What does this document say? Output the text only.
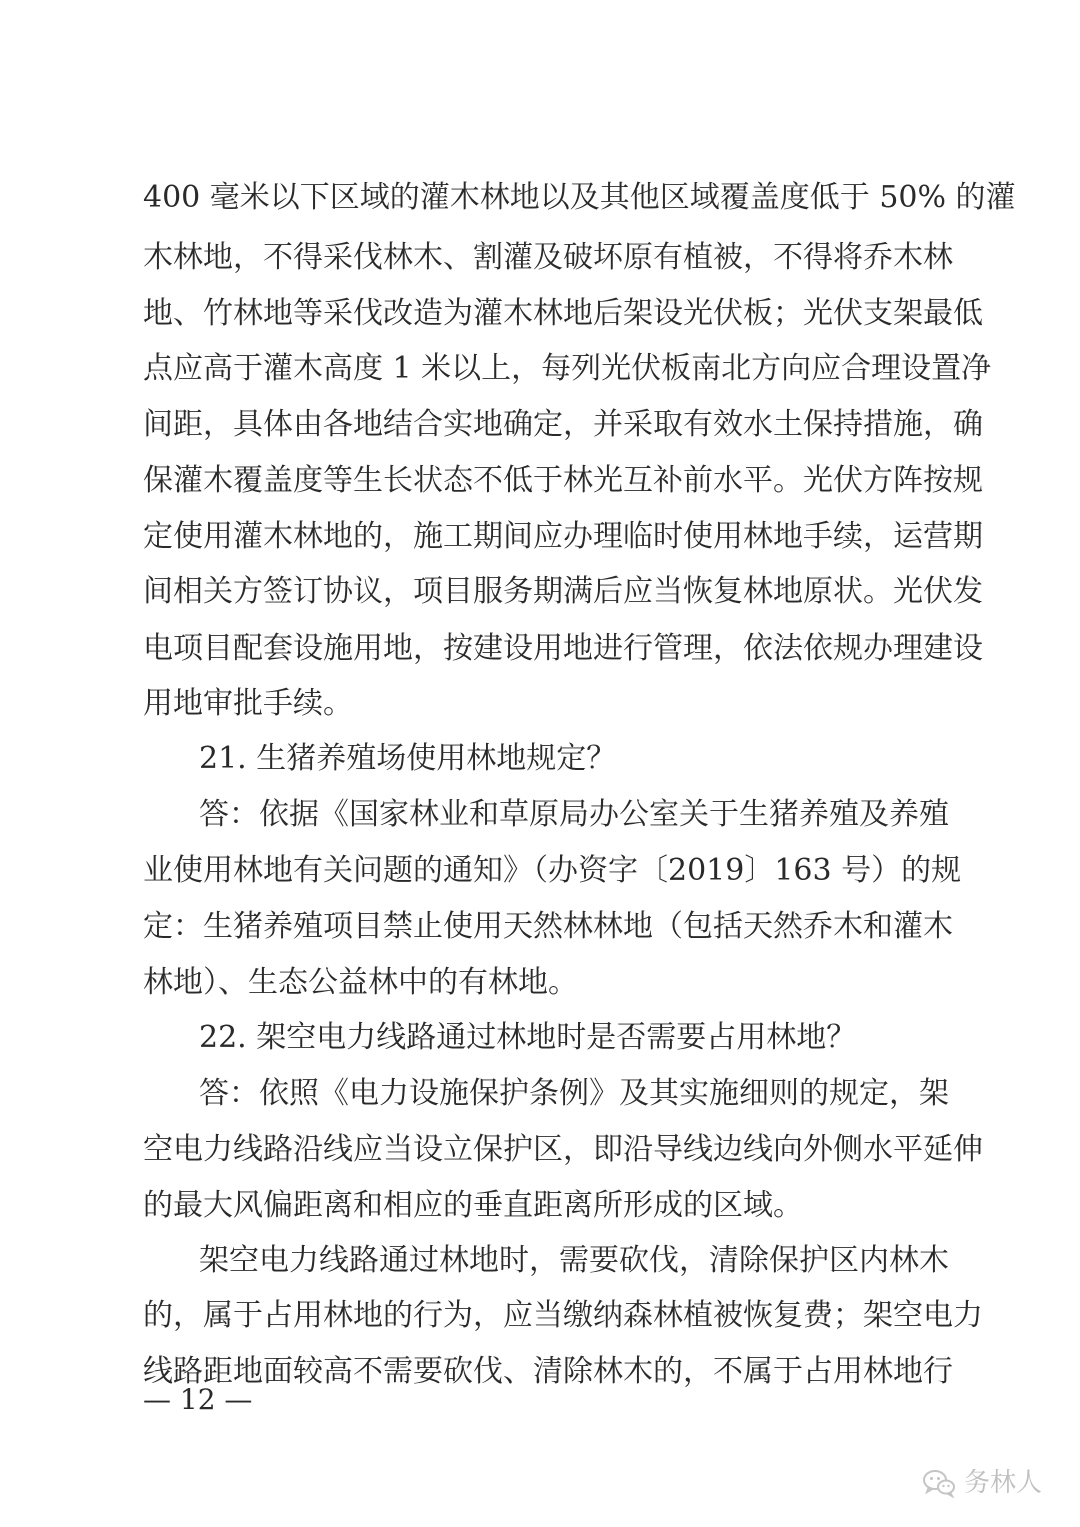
400 毫米以下区域的灌木林地以及其他区域覆盖度低于 50% 的灌

木林地，不得采伐林木、割灌及破坏原有植被，不得将乔木林

地、竹林地等采伐改造为灌木林地后架设光伏板；光伏支架最低

点应高于灌木高度 1 米以上，每列光伏板南北方向应合理设置净

间距，具体由各地结合实地确定，并采取有效水土保持措施，确

保灌木覆盖度等生长状态不低于林光互补前水平。光伏方阵按规

定使用灌木林地的，施工期间应办理临时使用林地手续，运营期

间相关方签订协议，项目服务期满后应当恢复林地原状。光伏发

电项目配套设施用地，按建设用地进行管理，依法依规办理建设

用地审批手续。

21. 生猪养殖场使用林地规定？

答：依据《国家林业和草原局办公室关于生猪养殖及养殖

业使用林地有关问题的通知》（办资字〔2019〕163 号）的规

定：生猪养殖项目禁止使用天然林林地（包括天然乔木和灌木

林地）、生态公益林中的有林地。

22. 架空电力线路通过林地时是否需要占用林地？

答：依照《电力设施保护条例》及其实施细则的规定，架

空电力线路沿线应当设立保护区，即沿导线边线向外侧水平延伸

的最大风偏距离和相应的垂直距离所形成的区域。

架空电力线路通过林地时，需要砍伐，清除保护区内林木

的，属于占用林地的行为，应当缴纳森林植被恢复费；架空电力

线路距地面较高不需要砍伐、清除林木的，不属于占用林地行

— 12 —
务林人
